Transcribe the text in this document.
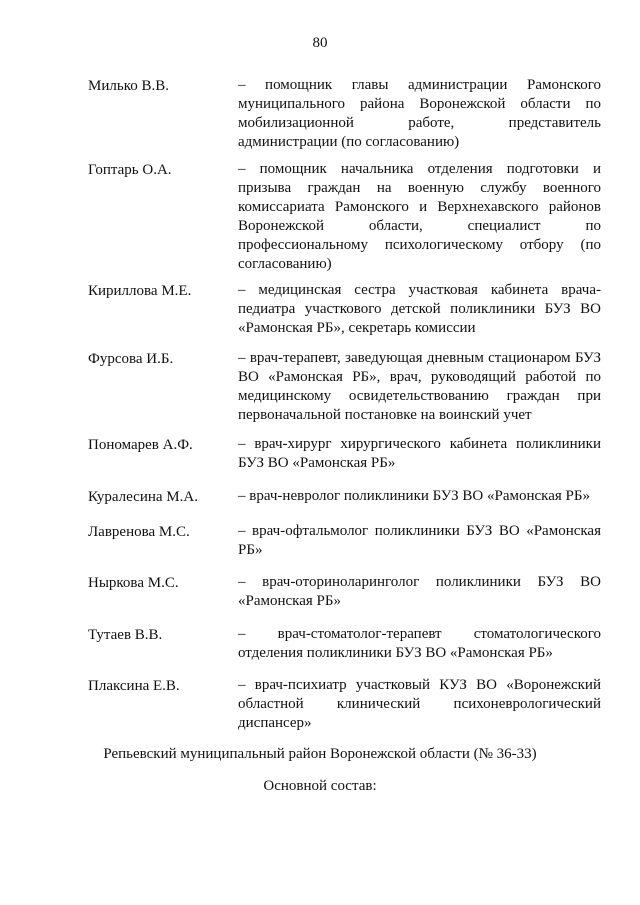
80
Милько В.В.	– помощник главы администрации Рамонского муниципального района Воронежской области по мобилизационной работе, представитель администрации (по согласованию)
Гоптарь О.А.	– помощник начальника отделения подготовки и призыва граждан на военную службу военного комиссариата Рамонского и Верхнехавского районов Воронежской области, специалист по профессиональному психологическому отбору (по согласованию)
Кириллова М.Е.	– медицинская сестра участковая кабинета врача-педиатра участкового детской поликлиники БУЗ ВО «Рамонская РБ», секретарь комиссии
Фурсова И.Б.	– врач-терапевт, заведующая дневным стационаром БУЗ ВО «Рамонская РБ», врач, руководящий работой по медицинскому освидетельствованию граждан при первоначальной постановке на воинский учет
Пономарев А.Ф.	– врач-хирург хирургического кабинета поликлиники БУЗ ВО «Рамонская РБ»
Куралесина М.А.	– врач-невролог поликлиники БУЗ ВО «Рамонская РБ»
Лавренова М.С.	– врач-офтальмолог поликлиники БУЗ ВО «Рамонская РБ»
Ныркова М.С.	– врач-оториноларинголог поликлиники БУЗ ВО «Рамонская РБ»
Тутаев В.В.	– врач-стоматолог-терапевт стоматологического отделения поликлиники БУЗ ВО «Рамонская РБ»
Плаксина Е.В.	– врач-психиатр участковый КУЗ ВО «Воронежский областной клинический психоневрологический диспансер»
Репьевский муниципальный район Воронежской области (№ 36-33)
Основной состав:
